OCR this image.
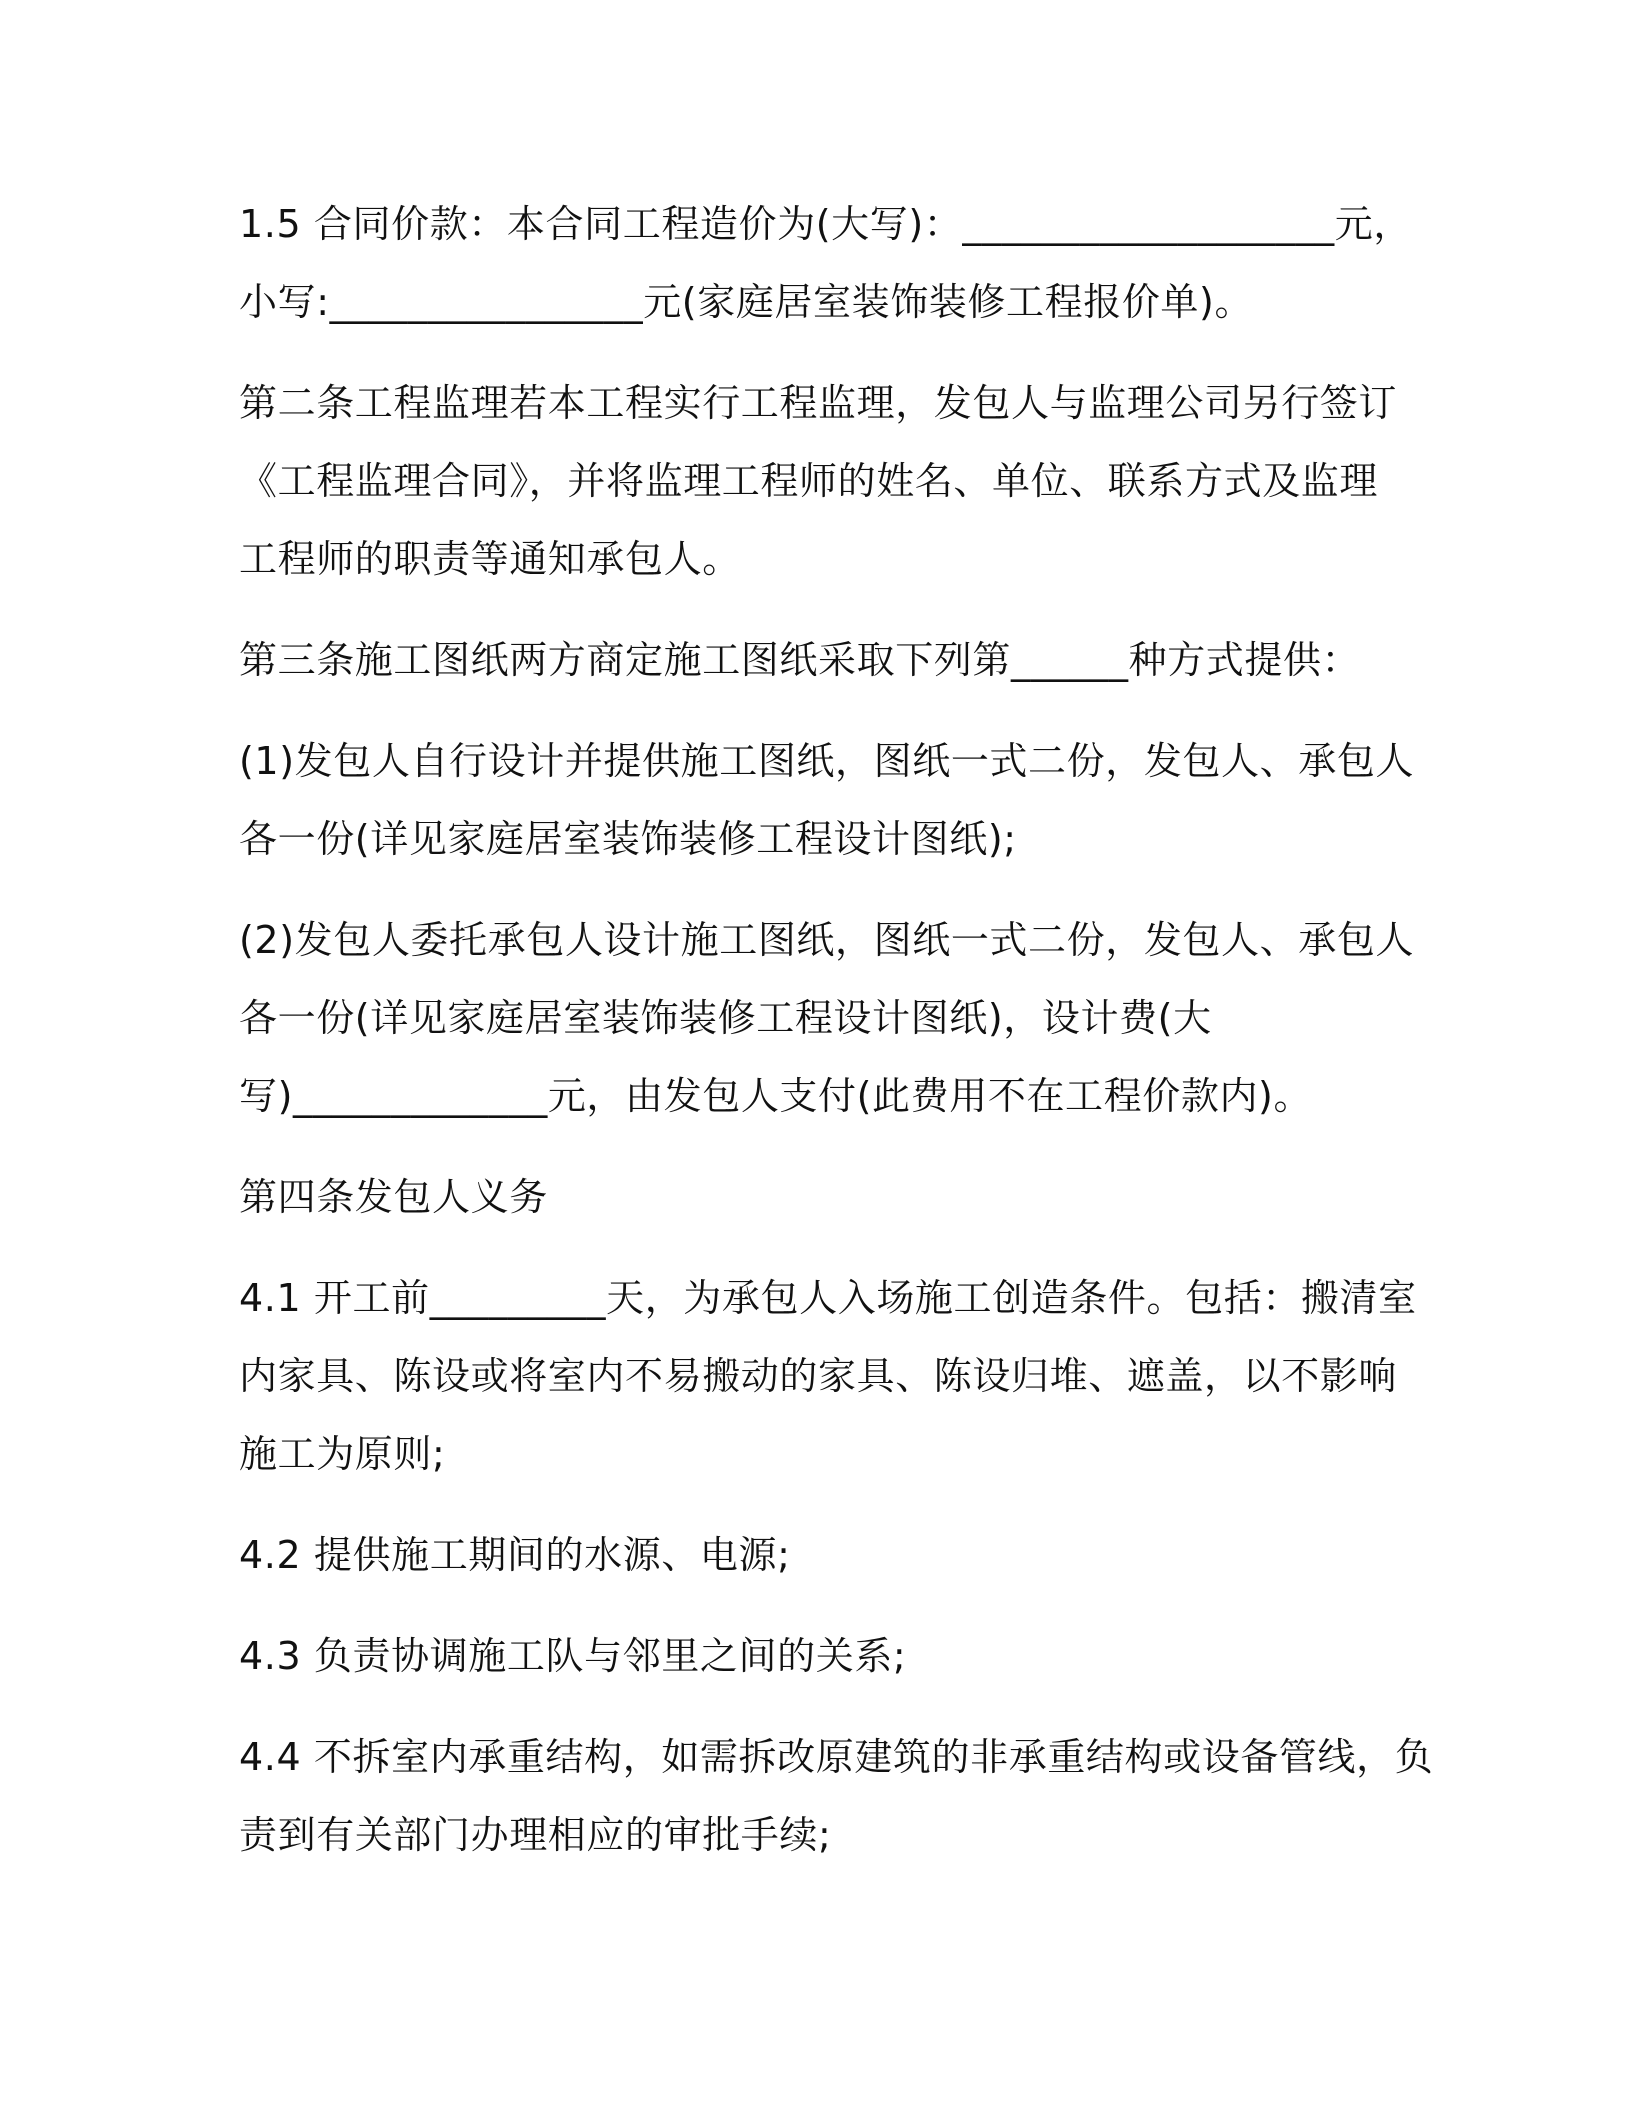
1.5 合同价款：本合同工程造价为(大写)：___________________元，
小写:________________元(家庭居室装饰装修工程报价单)。

第二条工程监理若本工程实行工程监理，发包人与监理公司另行签订
《工程监理合同》，并将监理工程师的姓名、单位、联系方式及监理
工程师的职责等通知承包人。

第三条施工图纸两方商定施工图纸采取下列第______种方式提供：

(1)发包人自行设计并提供施工图纸，图纸一式二份，发包人、承包人
各一份(详见家庭居室装饰装修工程设计图纸);

(2)发包人委托承包人设计施工图纸，图纸一式二份，发包人、承包人
各一份(详见家庭居室装饰装修工程设计图纸)，设计费(大
写)_____________元，由发包人支付(此费用不在工程价款内)。

第四条发包人义务

4.1 开工前_________天，为承包人入场施工创造条件。包括：搬清室
内家具、陈设或将室内不易搬动的家具、陈设归堆、遮盖，以不影响
施工为原则;

4.2 提供施工期间的水源、电源;

4.3 负责协调施工队与邻里之间的关系;

4.4 不拆室内承重结构，如需拆改原建筑的非承重结构或设备管线，负
责到有关部门办理相应的审批手续;
